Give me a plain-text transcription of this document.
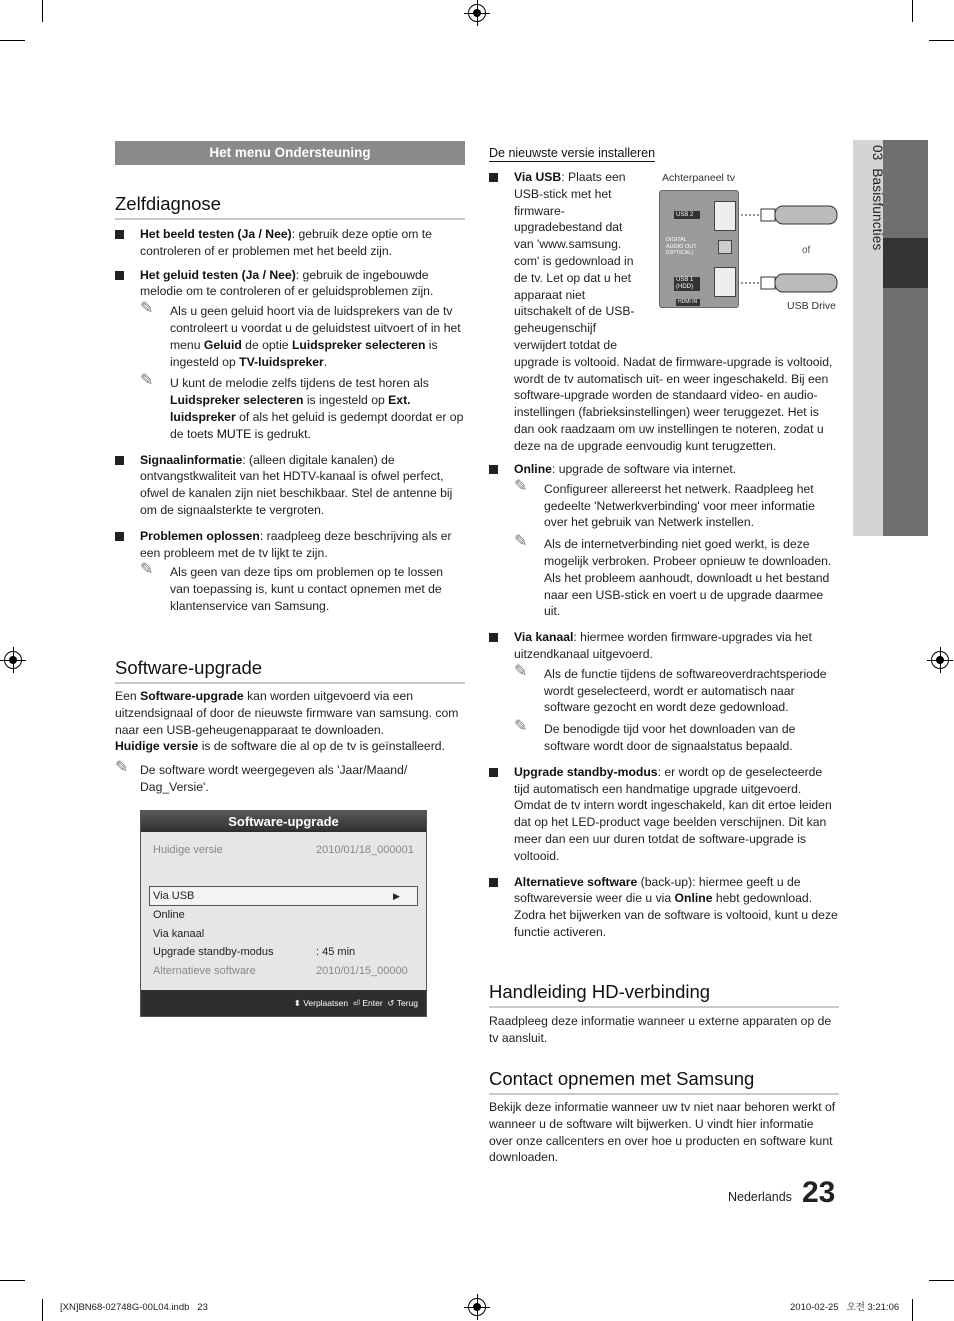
03  Basisfuncties
Het menu Ondersteuning
Zelfdiagnose
Het beeld testen (Ja / Nee): gebruik deze optie om te controleren of er problemen met het beeld zijn.
Het geluid testen (Ja / Nee): gebruik de ingebouwde melodie om te controleren of er geluidsproblemen zijn.
✎ Als u geen geluid hoort via de luidsprekers van de tv controleert u voordat u de geluidstest uitvoert of in het menu Geluid de optie Luidspreker selecteren is ingesteld op TV-luidspreker.
✎ U kunt de melodie zelfs tijdens de test horen als Luidspreker selecteren is ingesteld op Ext. luidspreker of als het geluid is gedempt doordat er op de toets MUTE is gedrukt.
Signaalinformatie: (alleen digitale kanalen) de ontvangstkwaliteit van het HDTV-kanaal is ofwel perfect, ofwel de kanalen zijn niet beschikbaar. Stel de antenne bij om de signaalsterkte te vergroten.
Problemen oplossen: raadpleeg deze beschrijving als er een probleem met de tv lijkt te zijn.
✎ Als geen van deze tips om problemen op te lossen van toepassing is, kunt u contact opnemen met de klantenservice van Samsung.
Software-upgrade

Een Software-upgrade kan worden uitgevoerd via een uitzendsignaal of door de nieuwste firmware van samsung. com naar een USB-geheugenapparaat te downloaden.

Huidige versie is de software die al op de tv is geïnstalleerd.

✎ De software wordt weergegeven als 'Jaar/Maand/ Dag_Versie'.
Software-upgrade
Huidige versie	2010/01/18_000001
Via USB	▶
Online
Via kanaal
Upgrade standby-modus	: 45 min
Alternatieve software	2010/01/15_00000
⬍ Verplaatsen ⏎ Enter ↺ Terug
De nieuwste versie installeren
Via USB: Plaats een USB-stick met het firmware-upgradebestand dat van 'www.samsung. com' is gedownload in de tv. Let op dat u het apparaat niet uitschakelt of de USB-geheugenschijf verwijdert totdat de upgrade is voltooid. Nadat de firmware-upgrade is voltooid, wordt de tv automatisch uit- en weer ingeschakeld. Bij een software-upgrade worden de standaard video- en audio-instellingen (fabrieksinstellingen) weer teruggezet. Het is dan ook raadzaam om uw instellingen te noteren, zodat u deze na de upgrade eenvoudig kunt terugzetten.
Achterpaneel tv
USB 2
DIGITAL
AUDIO OUT
(OPTICAL)
USB 1
(HDD)
HDMI IN
of
USB Drive
Online: upgrade de software via internet.
✎ Configureer allereerst het netwerk. Raadpleeg het gedeelte 'Netwerkverbinding' voor meer informatie over het gebruik van Netwerk instellen.
✎ Als de internetverbinding niet goed werkt, is deze mogelijk verbroken. Probeer opnieuw te downloaden. Als het probleem aanhoudt, downloadt u het bestand naar een USB-stick en voert u de upgrade daarmee uit.
Via kanaal: hiermee worden firmware-upgrades via het uitzendkanaal uitgevoerd.
✎ Als de functie tijdens de softwareoverdrachtsperiode wordt geselecteerd, wordt er automatisch naar software gezocht en wordt deze gedownload.
✎ De benodigde tijd voor het downloaden van de software wordt door de signaalstatus bepaald.
Upgrade standby-modus: er wordt op de geselecteerde tijd automatisch een handmatige upgrade uitgevoerd. Omdat de tv intern wordt ingeschakeld, kan dit ertoe leiden dat op het LED-product vage beelden verschijnen. Dit kan meer dan een uur duren totdat de software-upgrade is voltooid.
Alternatieve software (back-up): hiermee geeft u de softwareversie weer die u via Online hebt gedownload. Zodra het bijwerken van de software is voltooid, kunt u deze functie activeren.
Handleiding HD-verbinding
Raadpleeg deze informatie wanneer u externe apparaten op de tv aansluit.
Contact opnemen met Samsung
Bekijk deze informatie wanneer uw tv niet naar behoren werkt of wanneer u de software wilt bijwerken. U vindt hier informatie over onze callcenters en over hoe u producten en software kunt downloaden.
Nederlands 23
[XN]BN68-02748G-00L04.indb   23	2010-02-25   오전 3:21:06
